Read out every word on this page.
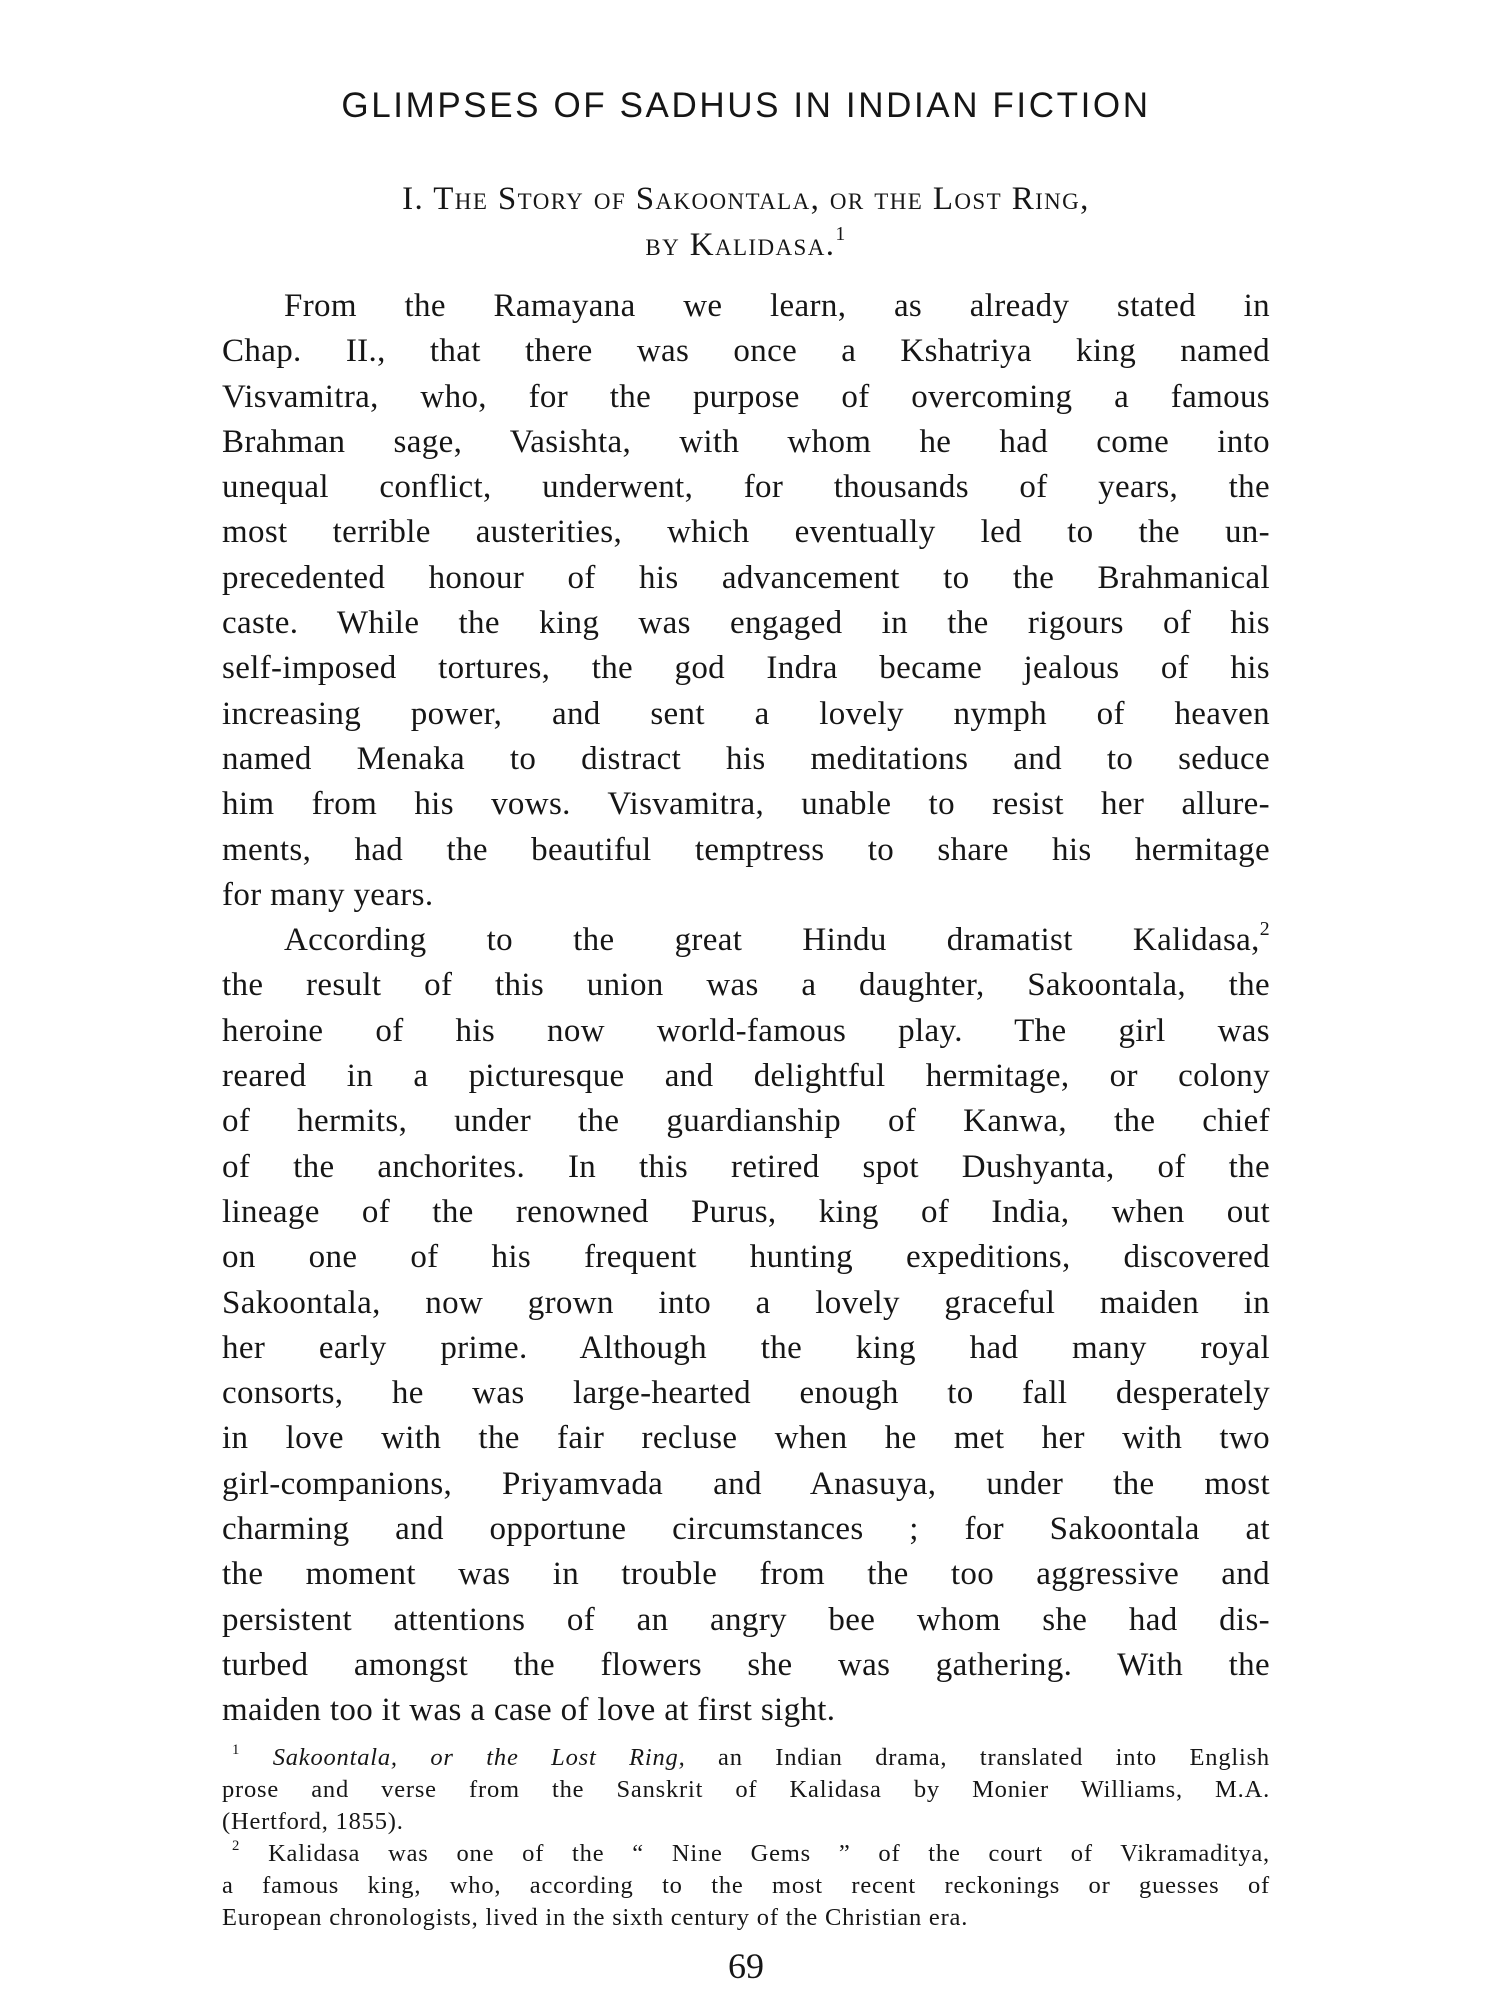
GLIMPSES OF SADHUS IN INDIAN FICTION
I. The Story of Sakoontala, or the Lost Ring,
by Kalidasa.$^1$
From the Ramayana we learn, as already stated in
Chap. II., that there was once a Kshatriya king named
Visvamitra, who, for the purpose of overcoming a famous
Brahman sage, Vasishta, with whom he had come into
unequal conflict, underwent, for thousands of years, the
most terrible austerities, which eventually led to the un-
precedented honour of his advancement to the Brahmanical
caste. While the king was engaged in the rigours of his
self-imposed tortures, the god Indra became jealous of his
increasing power, and sent a lovely nymph of heaven
named Menaka to distract his meditations and to seduce
him from his vows. Visvamitra, unable to resist her allure-
ments, had the beautiful temptress to share his hermitage
for many years.
According to the great Hindu dramatist Kalidasa,$^2$
the result of this union was a daughter, Sakoontala, the
heroine of his now world-famous play. The girl was
reared in a picturesque and delightful hermitage, or colony
of hermits, under the guardianship of Kanwa, the chief
of the anchorites. In this retired spot Dushyanta, of the
lineage of the renowned Purus, king of India, when out
on one of his frequent hunting expeditions, discovered
Sakoontala, now grown into a lovely graceful maiden in
her early prime. Although the king had many royal
consorts, he was large-hearted enough to fall desperately
in love with the fair recluse when he met her with two
girl-companions, Priyamvada and Anasuya, under the most
charming and opportune circumstances ; for Sakoontala at
the moment was in trouble from the too aggressive and
persistent attentions of an angry bee whom she had dis-
turbed amongst the flowers she was gathering. With the
maiden too it was a case of love at first sight.
$^1$ Sakoontala, or the Lost Ring, an Indian drama, translated into English
prose and verse from the Sanskrit of Kalidasa by Monier Williams, M.A.
(Hertford, 1855).
$^2$ Kalidasa was one of the “ Nine Gems ” of the court of Vikramaditya,
a famous king, who, according to the most recent reckonings or guesses of
European chronologists, lived in the sixth century of the Christian era.
69
